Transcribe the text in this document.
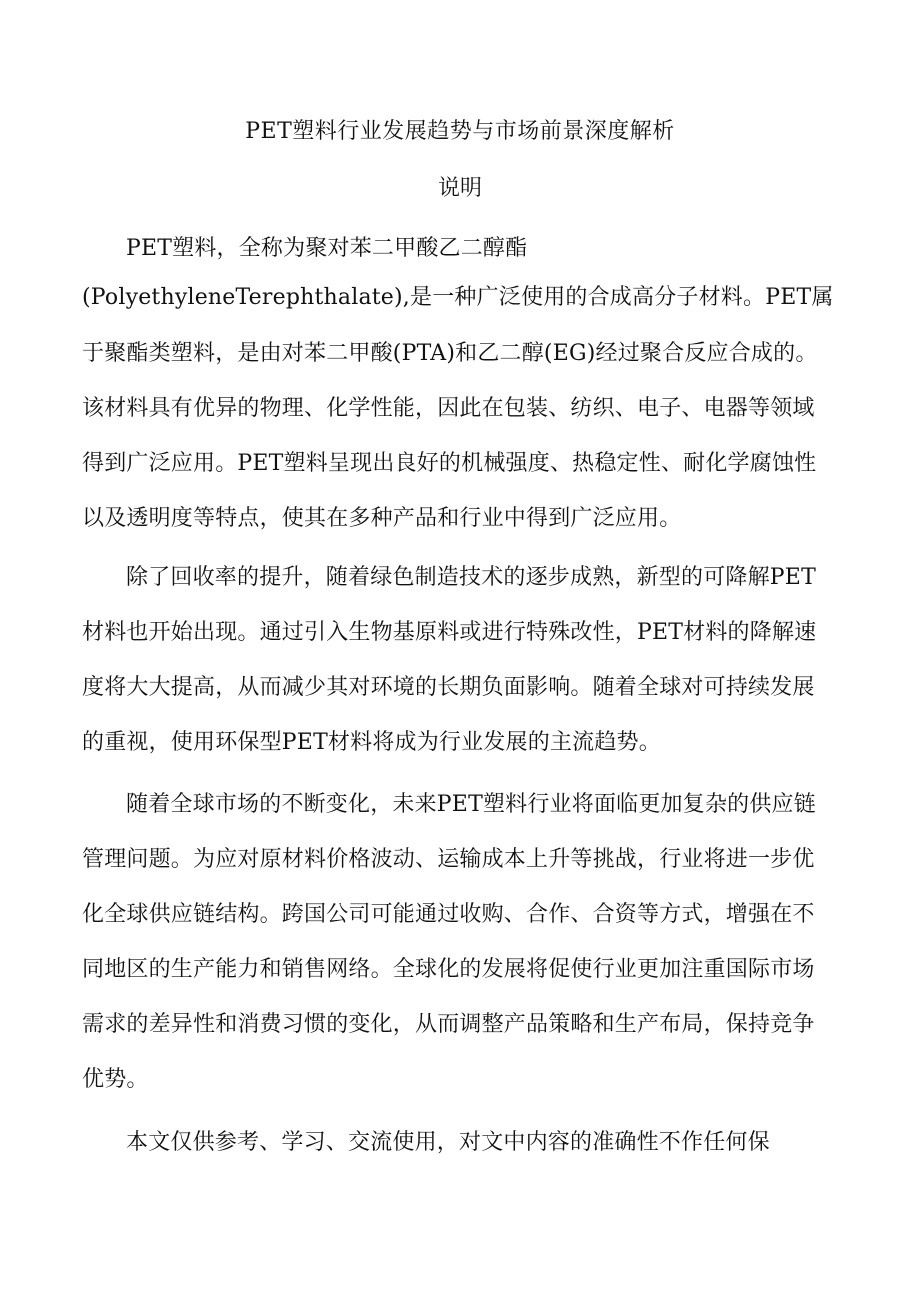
PET塑料行业发展趋势与市场前景深度解析
说明
PET塑料，全称为聚对苯二甲酸乙二醇酯
(PolyethyleneTerephthalate),是一种广泛使用的合成高分子材料。PET属
于聚酯类塑料，是由对苯二甲酸(PTA)和乙二醇(EG)经过聚合反应合成的。
该材料具有优异的物理、化学性能，因此在包装、纺织、电子、电器等领域
得到广泛应用。PET塑料呈现出良好的机械强度、热稳定性、耐化学腐蚀性
以及透明度等特点，使其在多种产品和行业中得到广泛应用。
除了回收率的提升，随着绿色制造技术的逐步成熟，新型的可降解PET
材料也开始出现。通过引入生物基原料或进行特殊改性，PET材料的降解速
度将大大提高，从而减少其对环境的长期负面影响。随着全球对可持续发展
的重视，使用环保型PET材料将成为行业发展的主流趋势。
随着全球市场的不断变化，未来PET塑料行业将面临更加复杂的供应链
管理问题。为应对原材料价格波动、运输成本上升等挑战，行业将进一步优
化全球供应链结构。跨国公司可能通过收购、合作、合资等方式，增强在不
同地区的生产能力和销售网络。全球化的发展将促使行业更加注重国际市场
需求的差异性和消费习惯的变化，从而调整产品策略和生产布局，保持竞争
优势。
本文仅供参考、学习、交流使用，对文中内容的准确性不作任何保
